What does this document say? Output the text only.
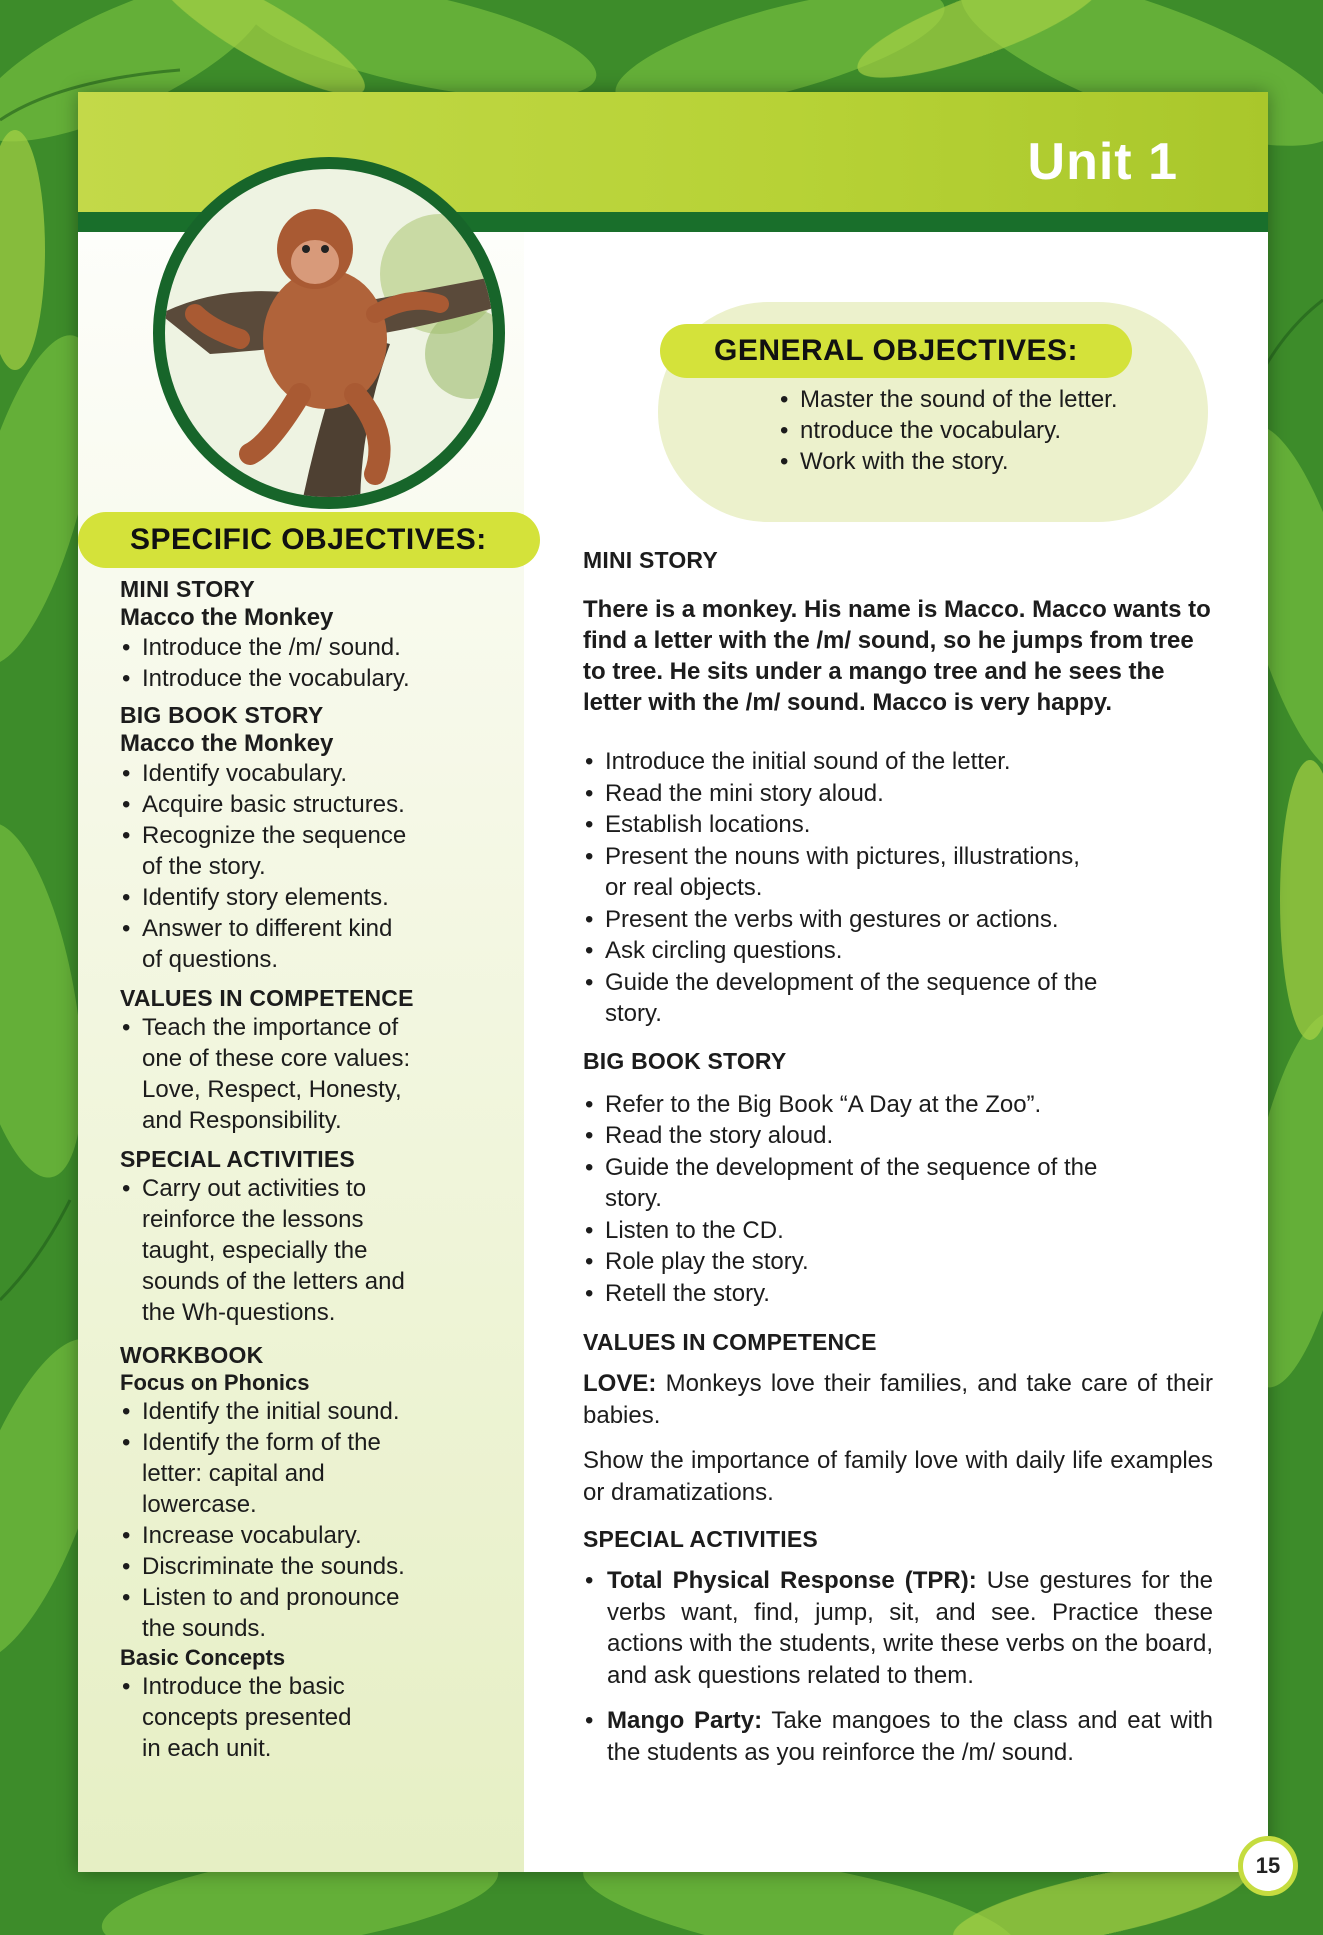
Unit 1
GENERAL OBJECTIVES:
• Master the sound of the letter.
• ntroduce the vocabulary.
• Work with the story.
SPECIFIC OBJECTIVES:
MINI STORY
Macco the Monkey
• Introduce the /m/ sound.
• Introduce the vocabulary.
BIG BOOK STORY
Macco the Monkey
• Identify vocabulary.
• Acquire basic structures.
• Recognize the sequence
of the story.
• Identify story elements.
• Answer to different kind
of questions.
VALUES IN COMPETENCE
• Teach the importance of
one of these core values:
Love, Respect, Honesty,
and Responsibility.
SPECIAL ACTIVITIES
• Carry out activities to
reinforce the lessons
taught, especially the
sounds of the letters and
the Wh-questions.
WORKBOOK
Focus on Phonics
• Identify the initial sound.
• Identify the form of the
letter: capital and
lowercase.
• Increase vocabulary.
• Discriminate the sounds.
• Listen to and pronounce
the sounds.
Basic Concepts
• Introduce the basic
concepts presented
in each unit.
MINI STORY
There is a monkey. His name is Macco. Macco wants to find a letter with the /m/ sound, so he jumps from tree to tree. He sits under a mango tree and he sees the letter with the /m/ sound. Macco is very happy.
• Introduce the initial sound of the letter.
• Read the mini story aloud.
• Establish locations.
• Present the nouns with pictures, illustrations,
or real objects.
• Present the verbs with gestures or actions.
• Ask circling questions.
• Guide the development of the sequence of the
story.
BIG BOOK STORY
• Refer to the Big Book “A Day at the Zoo”.
• Read the story aloud.
• Guide the development of the sequence of the
story.
• Listen to the CD.
• Role play the story.
• Retell the story.
VALUES IN COMPETENCE
LOVE: Monkeys love their families, and take care of their babies.
Show the importance of family love with daily life examples or dramatizations.
SPECIAL ACTIVITIES
• Total Physical Response (TPR): Use gestures for the verbs want, find, jump, sit, and see. Practice these actions with the students, write these verbs on the board, and ask questions related to them.
• Mango Party: Take mangoes to the class and eat with the students as you reinforce the /m/ sound.
15
